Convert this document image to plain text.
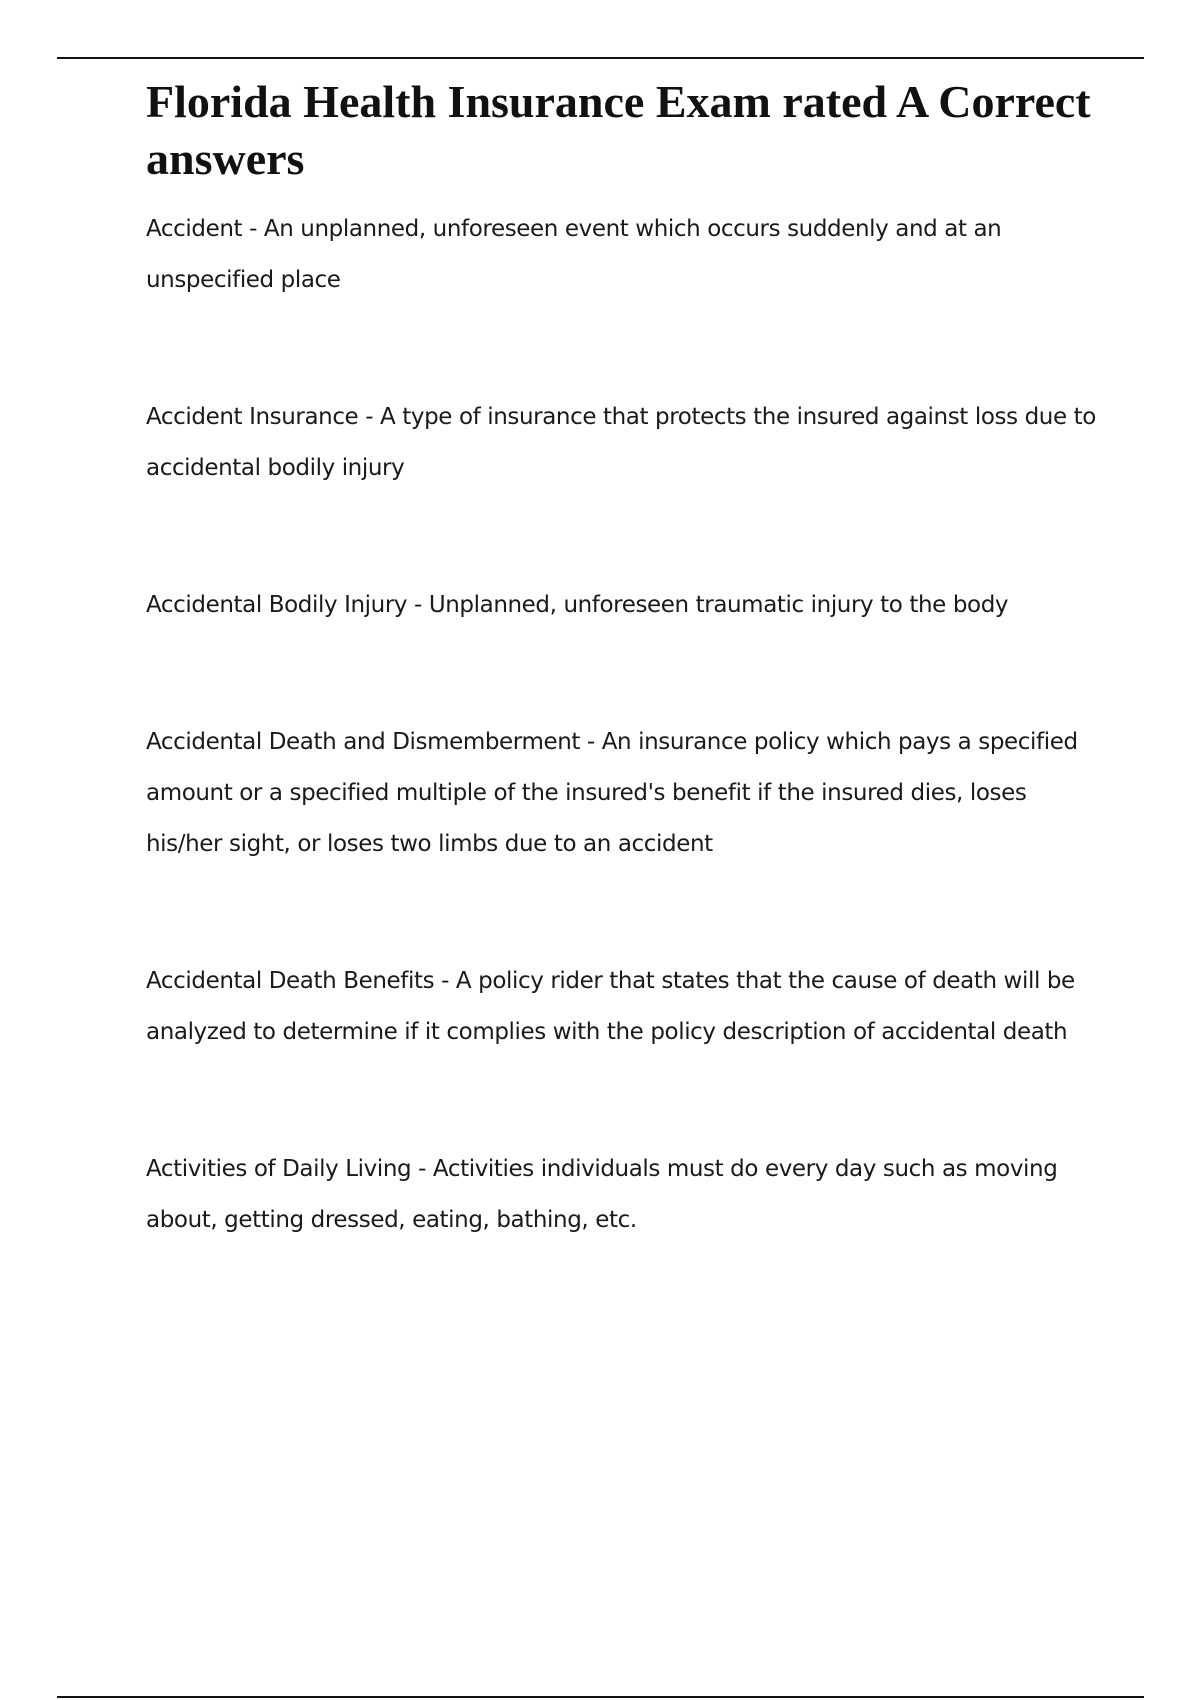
Florida Health Insurance Exam rated A Correct answers

Accident - An unplanned, unforeseen event which occurs suddenly and at an unspecified place

Accident Insurance - A type of insurance that protects the insured against loss due to accidental bodily injury

Accidental Bodily Injury - Unplanned, unforeseen traumatic injury to the body

Accidental Death and Dismemberment - An insurance policy which pays a specified amount or a specified multiple of the insured's benefit if the insured dies, loses his/her sight, or loses two limbs due to an accident

Accidental Death Benefits - A policy rider that states that the cause of death will be analyzed to determine if it complies with the policy description of accidental death

Activities of Daily Living - Activities individuals must do every day such as moving about, getting dressed, eating, bathing, etc.
